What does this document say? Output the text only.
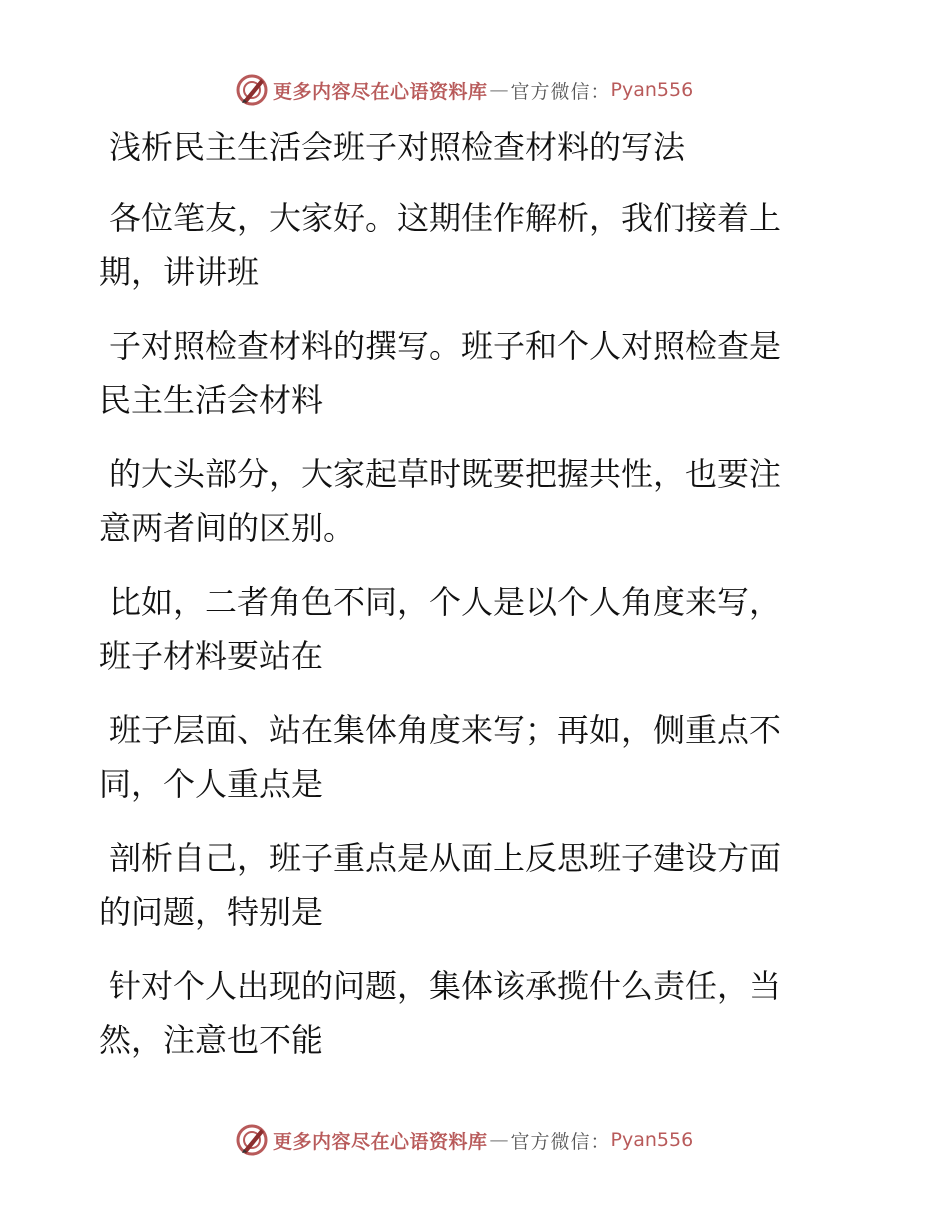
更多内容尽在心语资料库 — 官方微信： Pyan556
浅析民主生活会班子对照检查材料的写法

各位笔友，大家好。这期佳作解析，我们接着上
期，讲讲班

子对照检查材料的撰写。班子和个人对照检查是
民主生活会材料

的大头部分，大家起草时既要把握共性，也要注
意两者间的区别。

比如，二者角色不同，个人是以个人角度来写，
班子材料要站在

班子层面、站在集体角度来写；再如，侧重点不
同，个人重点是

剖析自己，班子重点是从面上反思班子建设方面
的问题，特别是

针对个人出现的问题，集体该承揽什么责任，当
然，注意也不能

更多内容尽在心语资料库 — 官方微信： Pyan556
